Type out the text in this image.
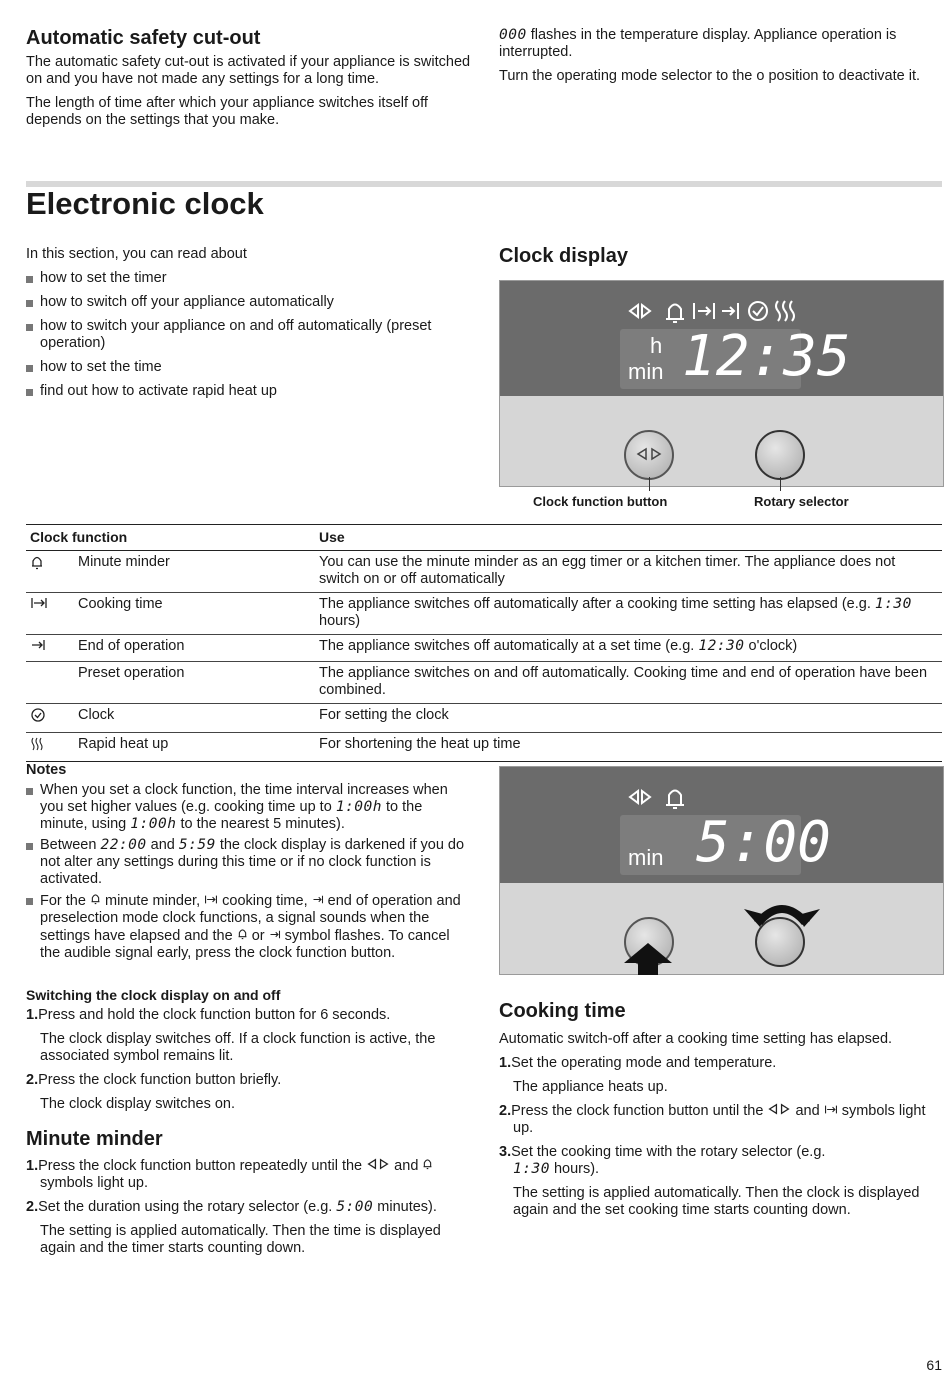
Automatic safety cut-out

The automatic safety cut-out is activated if your appliance is switched on and you have not made any settings for a long time.

The length of time after which your appliance switches itself off depends on the settings that you make.

000 flashes in the temperature display. Appliance operation is interrupted.

Turn the operating mode selector to the o position to deactivate it.

Electronic clock

In this section, you can read about

how to set the timer
how to switch off your appliance automatically
how to switch your appliance on and off automatically (preset operation)
how to set the time
find out how to activate rapid heat up
Clock display
h
min 12:35
Clock function button	Rotary selector
Clock function		Use
	Minute minder	You can use the minute minder as an egg timer or a kitchen timer. The appliance does not switch on or off automatically
	Cooking time	The appliance switches off automatically after a cooking time setting has elapsed (e.g. 1:30 hours)
	End of operation	The appliance switches off automatically at a set time (e.g. 12:30 o'clock)
	Preset operation	The appliance switches on and off automatically. Cooking time and end of operation have been combined.
	Clock	For setting the clock
	Rapid heat up	For shortening the heat up time
Notes
When you set a clock function, the time interval increases when you set higher values (e.g. cooking time up to 1:00h to the minute, using 1:00h to the nearest 5 minutes).
Between 22:00 and 5:59 the clock display is darkened if you do not alter any settings during this time or if no clock function is activated.
For the  minute minder,  cooking time,  end of operation and preselection mode clock functions, a signal sounds when the settings have elapsed and the  or  symbol flashes. To cancel the audible signal early, press the clock function button.
Switching the clock display on and off
1.Press and hold the clock function button for 6 seconds.

The clock display switches off. If a clock function is active, the associated symbol remains lit.

2.Press the clock function button briefly.

The clock display switches on.

Minute minder
1.Press the clock function button repeatedly until the  and  symbols light up.
2.Set the duration using the rotary selector (e.g. 5:00 minutes).

The setting is applied automatically. Then the time is displayed again and the timer starts counting down.

min 5:00
Cooking time

Automatic switch-off after a cooking time setting has elapsed.

1.Set the operating mode and temperature.

The appliance heats up.

2.Press the clock function button until the  and  symbols light up.
3.Set the cooking time with the rotary selector (e.g. 1:30 hours).

The setting is applied automatically. Then the clock is displayed again and the set cooking time starts counting down.

61
